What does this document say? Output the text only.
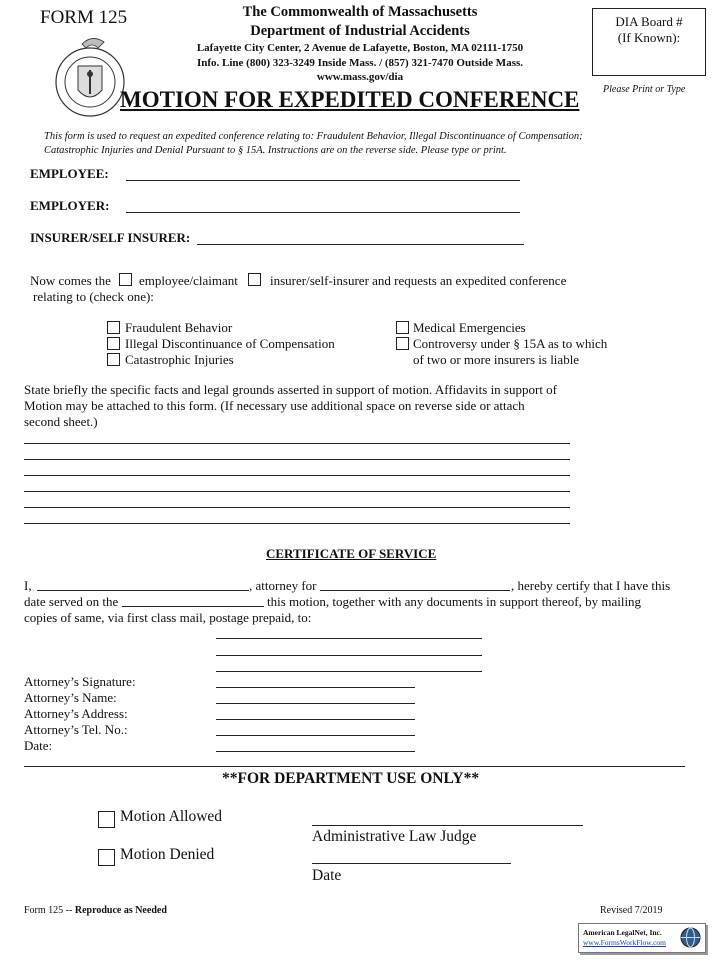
FORM 125	The Commonwealth of Massachusetts
Department of Industrial Accidents
Lafayette City Center, 2 Avenue de Lafayette, Boston, MA 02111-1750
Info. Line (800) 323-3249 Inside Mass. / (857) 321-7470 Outside Mass.
www.mass.gov/dia
DIA Board #
(If Known):
MOTION FOR EXPEDITED CONFERENCE Please Print or Type
This form is used to request an expedited conference relating to: Fraudulent Behavior, Illegal Discontinuance of Compensation;
Catastrophic Injuries and Denial Pursuant to § 15A. Instructions are on the reverse side. Please type or print.
EMPLOYEE:
EMPLOYER:
INSURER/SELF INSURER:
Now comes the employee/claimant insurer/self-insurer and requests an expedited conference
relating to (check one):
Fraudulent Behavior
Illegal Discontinuance of Compensation
Catastrophic Injuries
Medical Emergencies
Controversy under § 15A as to which
of two or more insurers is liable
State briefly the specific facts and legal grounds asserted in support of motion. Affidavits in support of
Motion may be attached to this form. (If necessary use additional space on reverse side or attach
second sheet.)
CERTIFICATE OF SERVICE
I,	, attorney for	, hereby certify that I have this
date served on the	this motion, together with any documents in support thereof, by mailing
copies of same, via first class mail, postage prepaid, to:
Attorney’s Signature:
Attorney’s Name:
Attorney’s Address:
Attorney’s Tel. No.:
Date:
**FOR DEPARTMENT USE ONLY**
Motion Allowed
Administrative Law Judge
Motion Denied
Date
Form 125 -- Reproduce as Needed	Revised 7/2019
American LegalNet, Inc.
www.FormsWorkFlow.com
